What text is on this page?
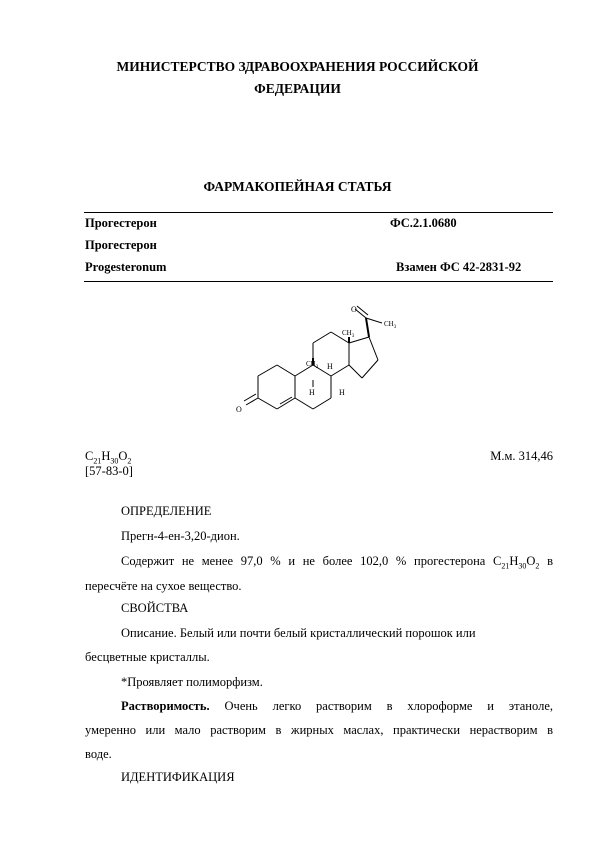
МИНИСТЕРСТВО ЗДРАВООХРАНЕНИЯ РОССИЙСКОЙ
ФЕДЕРАЦИИ
ФАРМАКОПЕЙНАЯ СТАТЬЯ
Прогестерон	ФС.2.1.0680
Прогестерон
Progesteronum	Взамен ФС 42-2831-92
O
$CH_3$
$CH_3$
$CH_3$ H
H	H
O
$C_{21}H_{30}O_2$	М.м. 314,46
[57-83-0]
ОПРЕДЕЛЕНИЕ
Прегн-4-ен-3,20-дион.
Содержит не менее 97,0 % и не более 102,0 % прогестерона $C_{21}H_{30}O_2$ в
пересчёте на сухое вещество.
СВОЙСТВА
Описание. Белый или почти белый кристаллический порошок или
бесцветные кристаллы.
*Проявляет полиморфизм.
Растворимость. Очень легко растворим в хлороформе и этаноле,
умеренно или мало растворим в жирных маслах, практически нерастворим в
воде.
ИДЕНТИФИКАЦИЯ
